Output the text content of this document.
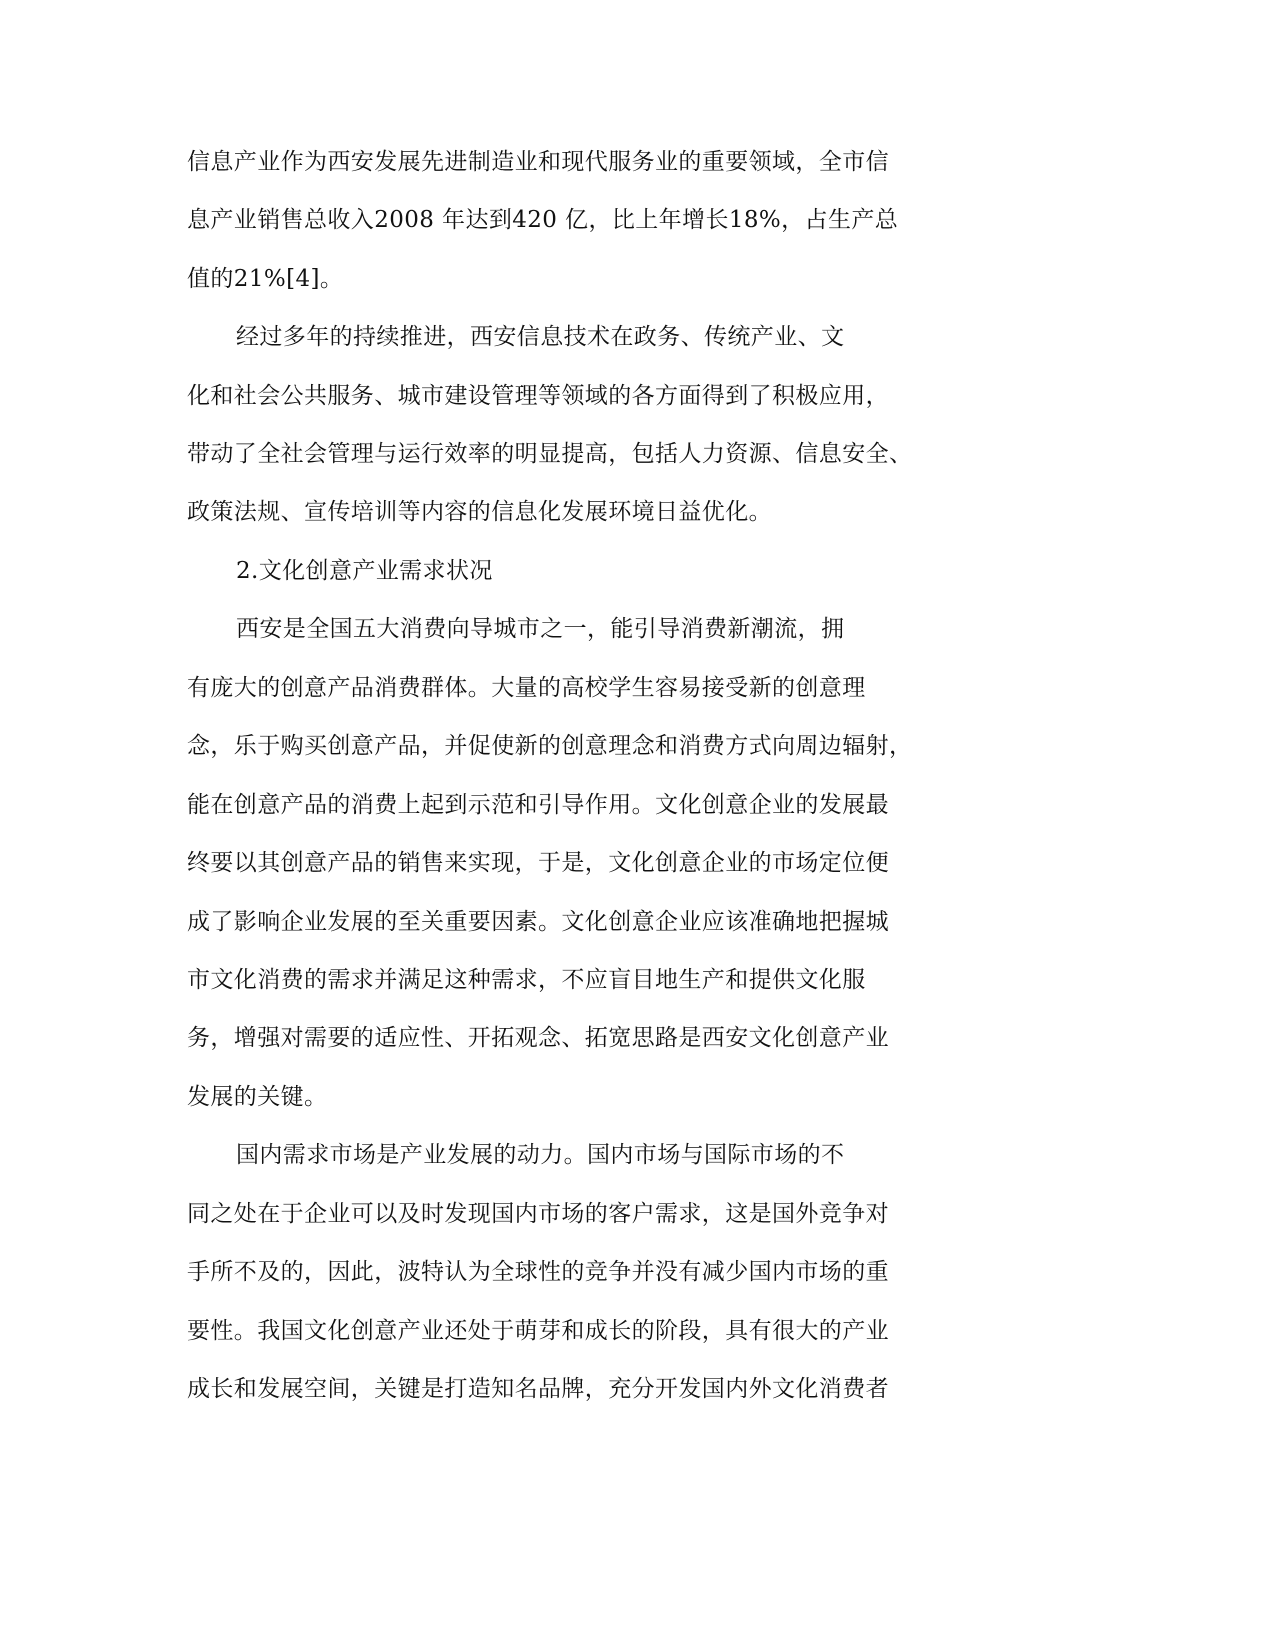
信息产业作为西安发展先进制造业和现代服务业的重要领域，全市信
息产业销售总收入2008 年达到420 亿，比上年增长18%，占生产总
值的21%[4]。
经过多年的持续推进，西安信息技术在政务、传统产业、文
化和社会公共服务、城市建设管理等领域的各方面得到了积极应用，
带动了全社会管理与运行效率的明显提高，包括人力资源、信息安全、
政策法规、宣传培训等内容的信息化发展环境日益优化。
2.文化创意产业需求状况
西安是全国五大消费向导城市之一，能引导消费新潮流，拥
有庞大的创意产品消费群体。大量的高校学生容易接受新的创意理
念，乐于购买创意产品，并促使新的创意理念和消费方式向周边辐射，
能在创意产品的消费上起到示范和引导作用。文化创意企业的发展最
终要以其创意产品的销售来实现，于是，文化创意企业的市场定位便
成了影响企业发展的至关重要因素。文化创意企业应该准确地把握城
市文化消费的需求并满足这种需求，不应盲目地生产和提供文化服
务，增强对需要的适应性、开拓观念、拓宽思路是西安文化创意产业
发展的关键。
国内需求市场是产业发展的动力。国内市场与国际市场的不
同之处在于企业可以及时发现国内市场的客户需求，这是国外竞争对
手所不及的，因此，波特认为全球性的竞争并没有减少国内市场的重
要性。我国文化创意产业还处于萌芽和成长的阶段，具有很大的产业
成长和发展空间，关键是打造知名品牌，充分开发国内外文化消费者
